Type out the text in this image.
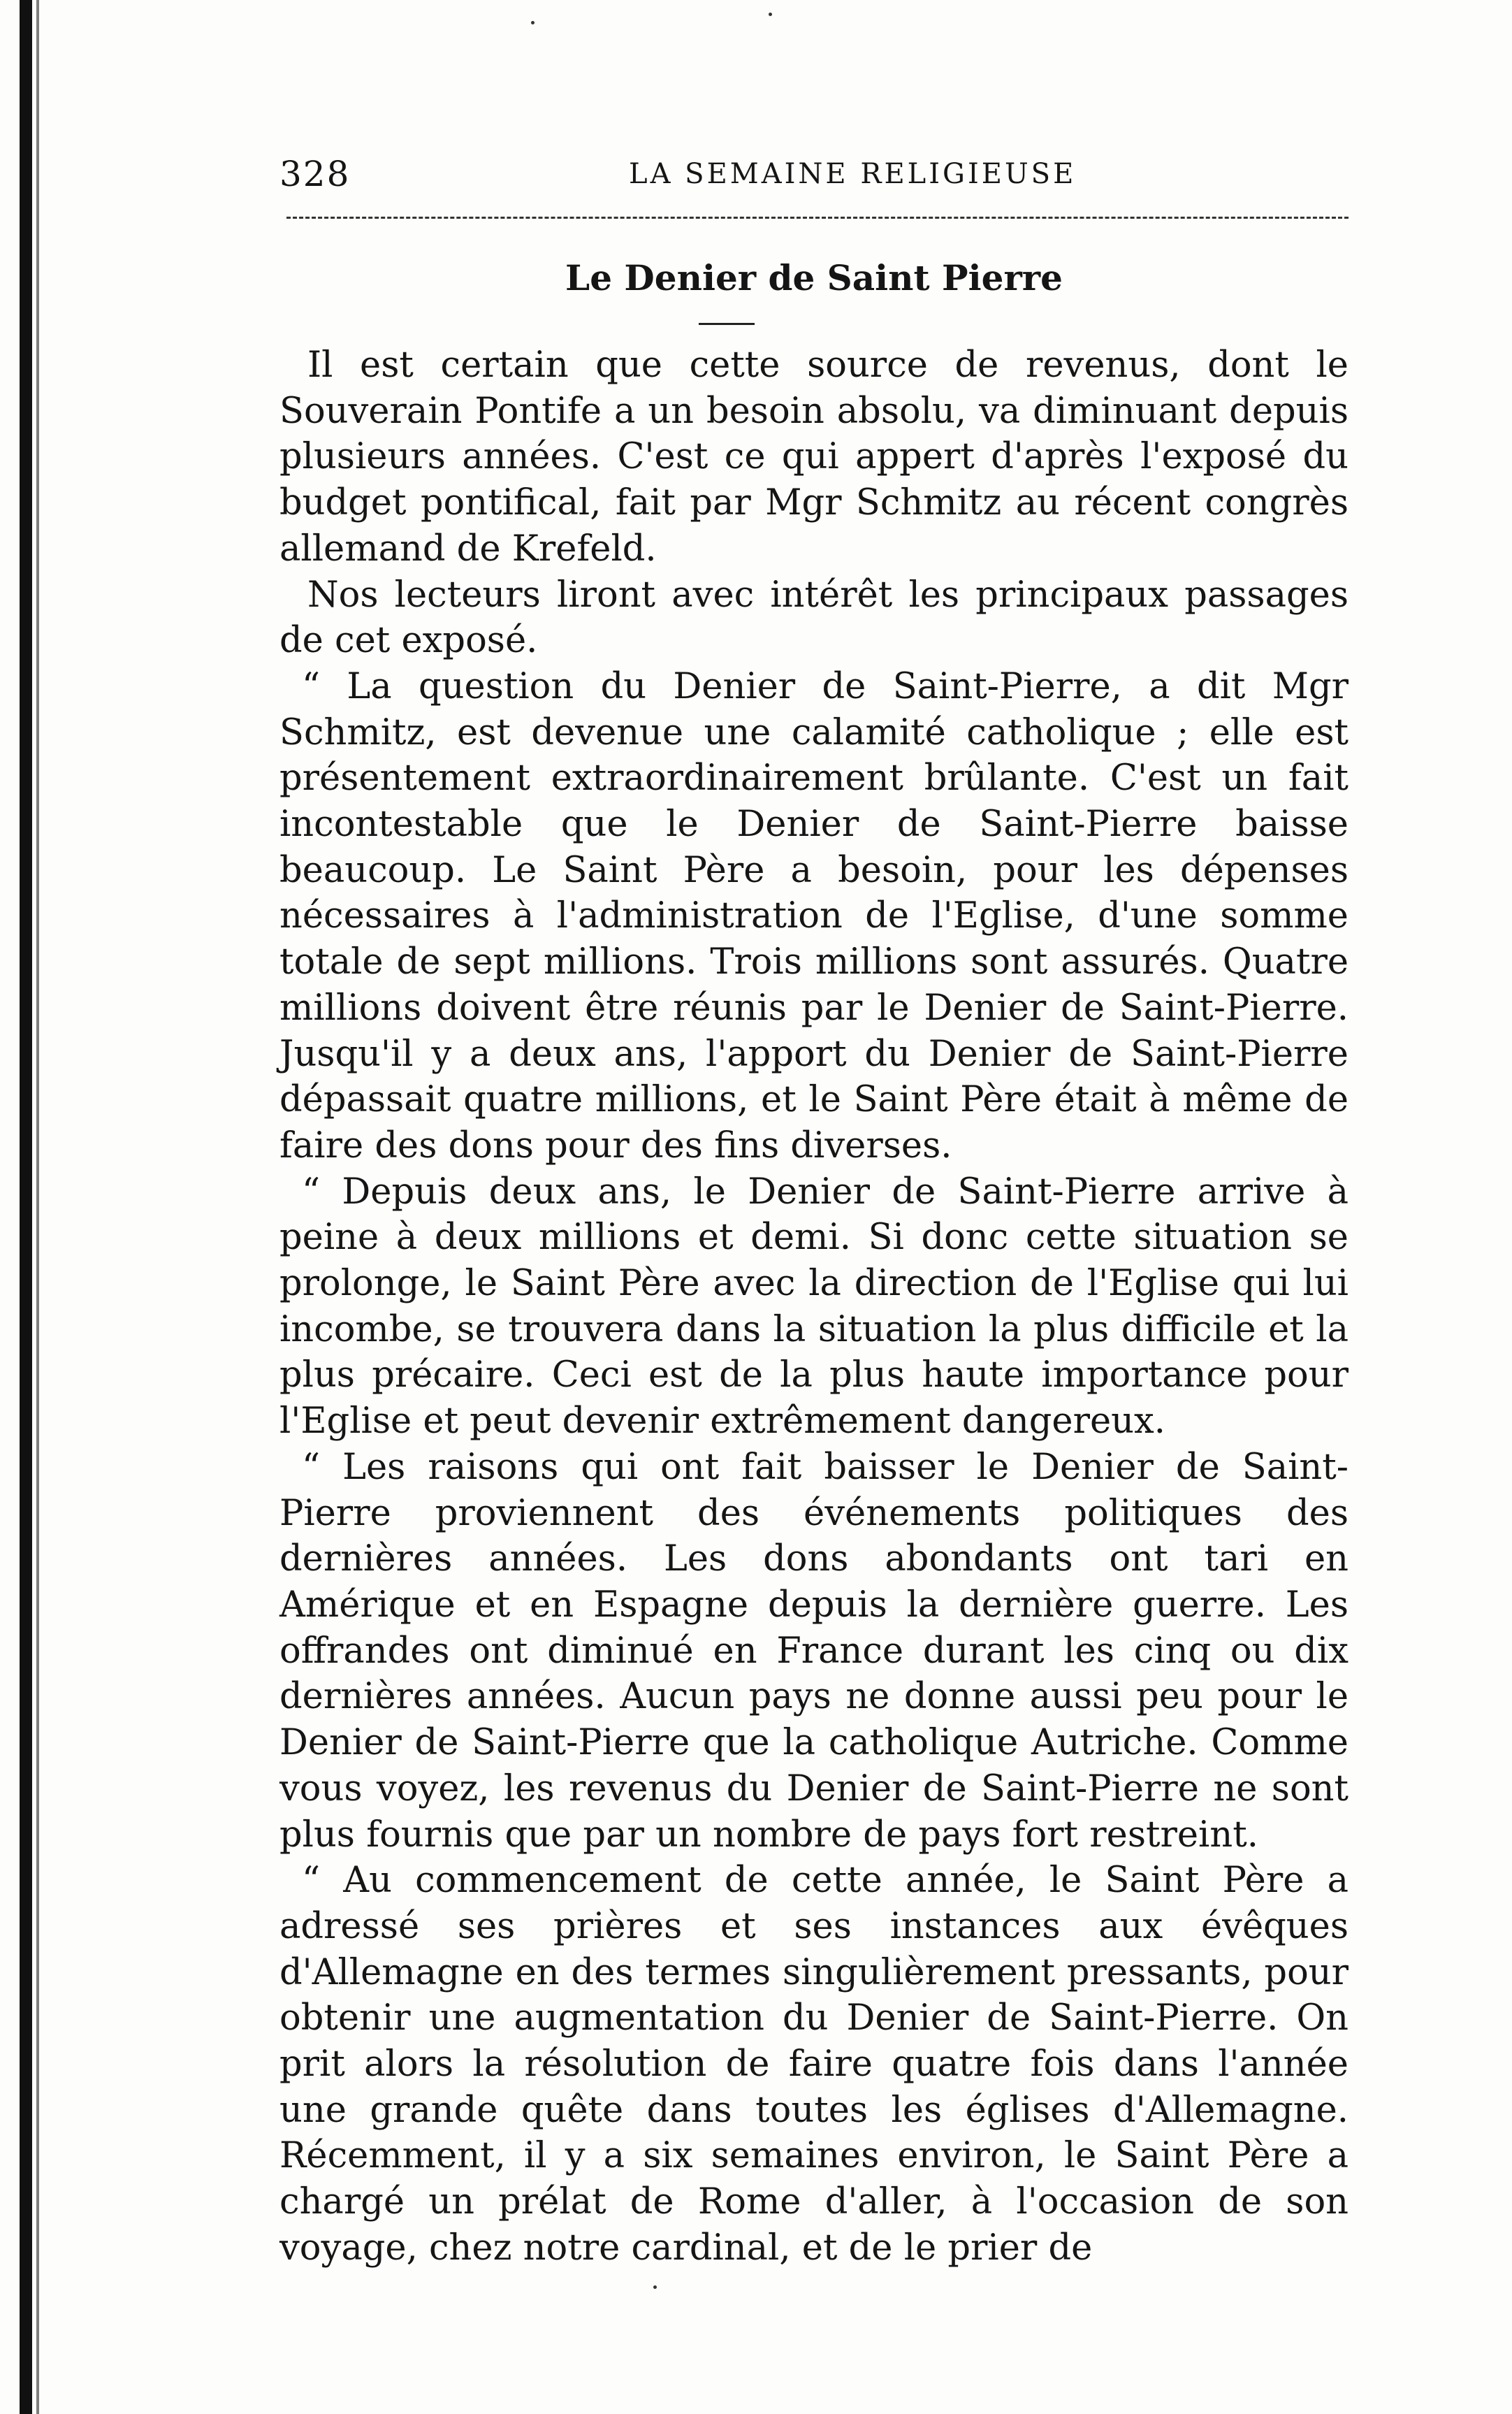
328	LA SEMAINE RELIGIEUSE
Le Denier de Saint Pierre

Il est certain que cette source de revenus, dont le Souverain Pontife a un besoin absolu, va diminuant depuis plusieurs années. C'est ce qui appert d'après l'exposé du budget pontifical, fait par Mgr Schmitz au récent congrès allemand de Krefeld.

Nos lecteurs liront avec intérêt les principaux passages de cet exposé.

“ La question du Denier de Saint-Pierre, a dit Mgr Schmitz, est devenue une calamité catholique ; elle est présentement extraordinairement brûlante. C'est un fait incontestable que le Denier de Saint-Pierre baisse beaucoup. Le Saint Père a besoin, pour les dépenses nécessaires à l'administration de l'Eglise, d'une somme totale de sept millions. Trois millions sont assurés. Quatre millions doivent être réunis par le Denier de Saint-Pierre. Jusqu'il y a deux ans, l'apport du Denier de Saint-Pierre dépassait quatre millions, et le Saint Père était à même de faire des dons pour des fins diverses.

“ Depuis deux ans, le Denier de Saint-Pierre arrive à peine à deux millions et demi. Si donc cette situation se prolonge, le Saint Père avec la direction de l'Eglise qui lui incombe, se trouvera dans la situation la plus difficile et la plus précaire. Ceci est de la plus haute importance pour l'Eglise et peut devenir extrêmement dangereux.

“ Les raisons qui ont fait baisser le Denier de Saint-Pierre proviennent des événements politiques des dernières années. Les dons abondants ont tari en Amérique et en Espagne depuis la dernière guerre. Les offrandes ont diminué en France durant les cinq ou dix dernières années. Aucun pays ne donne aussi peu pour le Denier de Saint-Pierre que la catholique Autriche. Comme vous voyez, les revenus du Denier de Saint-Pierre ne sont plus fournis que par un nombre de pays fort restreint.

“ Au commencement de cette année, le Saint Père a adressé ses prières et ses instances aux évêques d'Allemagne en des termes singulièrement pressants, pour obtenir une augmentation du Denier de Saint-Pierre. On prit alors la résolution de faire quatre fois dans l'année une grande quête dans toutes les églises d'Allemagne. Récemment, il y a six semaines environ, le Saint Père a chargé un prélat de Rome d'aller, à l'occasion de son voyage, chez notre cardinal, et de le prier de
